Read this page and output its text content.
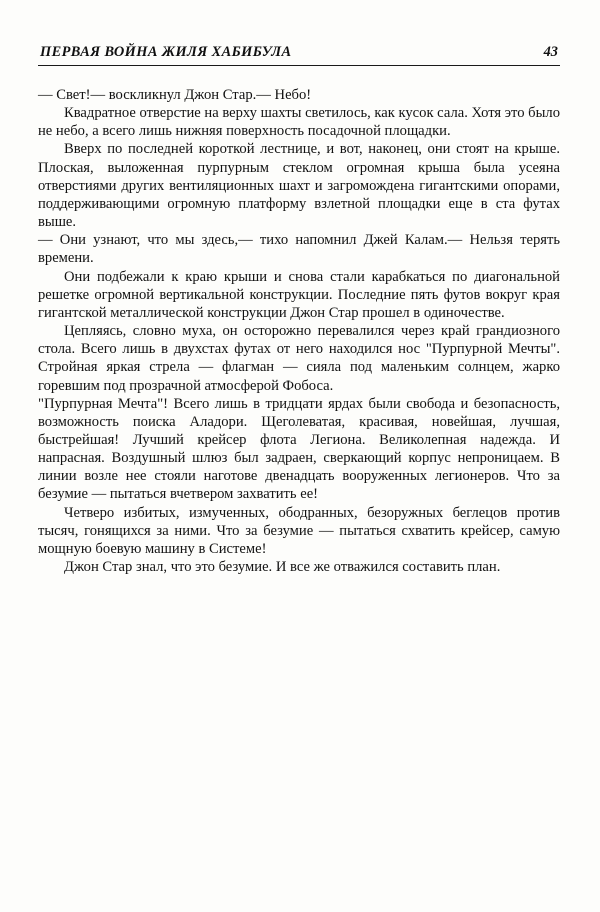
ПЕРВАЯ ВОЙНА ЖИЛЯ ХАБИБУЛА	43

— Свет!— воскликнул Джон Стар.— Небо!

Квадратное отверстие на верху шахты светилось, как кусок сала. Хотя это было не небо, а всего лишь нижняя поверхность посадочной площадки.

Вверх по последней короткой лестнице, и вот, наконец, они стоят на крыше. Плоская, выложенная пурпурным стеклом огромная крыша была усеяна отверстиями других вентиляционных шахт и загромождена гигантскими опорами, поддерживающими огромную платформу взлетной площадки еще в ста футах выше.

— Они узнают, что мы здесь,— тихо напомнил Джей Калам.— Нельзя терять времени.

Они подбежали к краю крыши и снова стали карабкаться по диагональной решетке огромной вертикальной конструкции. Последние пять футов вокруг края гигантской металлической конструкции Джон Стар прошел в одиночестве.

Цепляясь, словно муха, он осторожно перевалился через край грандиозного стола. Всего лишь в двухстах футах от него находился нос "Пурпурной Мечты". Стройная яркая стрела — флагман — сияла под маленьким солнцем, жарко горевшим под прозрачной атмосферой Фобоса.

"Пурпурная Мечта"! Всего лишь в тридцати ярдах были свобода и безопасность, возможность поиска Аладори. Щеголеватая, красивая, новейшая, лучшая, быстрейшая! Лучший крейсер флота Легиона. Великолепная надежда. И напрасная. Воздушный шлюз был задраен, сверкающий корпус непроницаем. В линии возле нее стояли наготове двенадцать вооруженных легионеров. Что за безумие — пытаться вчетвером захватить ее!

Четверо избитых, измученных, ободранных, безоружных беглецов против тысяч, гонящихся за ними. Что за безумие — пытаться схватить крейсер, самую мощную боевую машину в Системе!

Джон Стар знал, что это безумие. И все же отважился составить план.
